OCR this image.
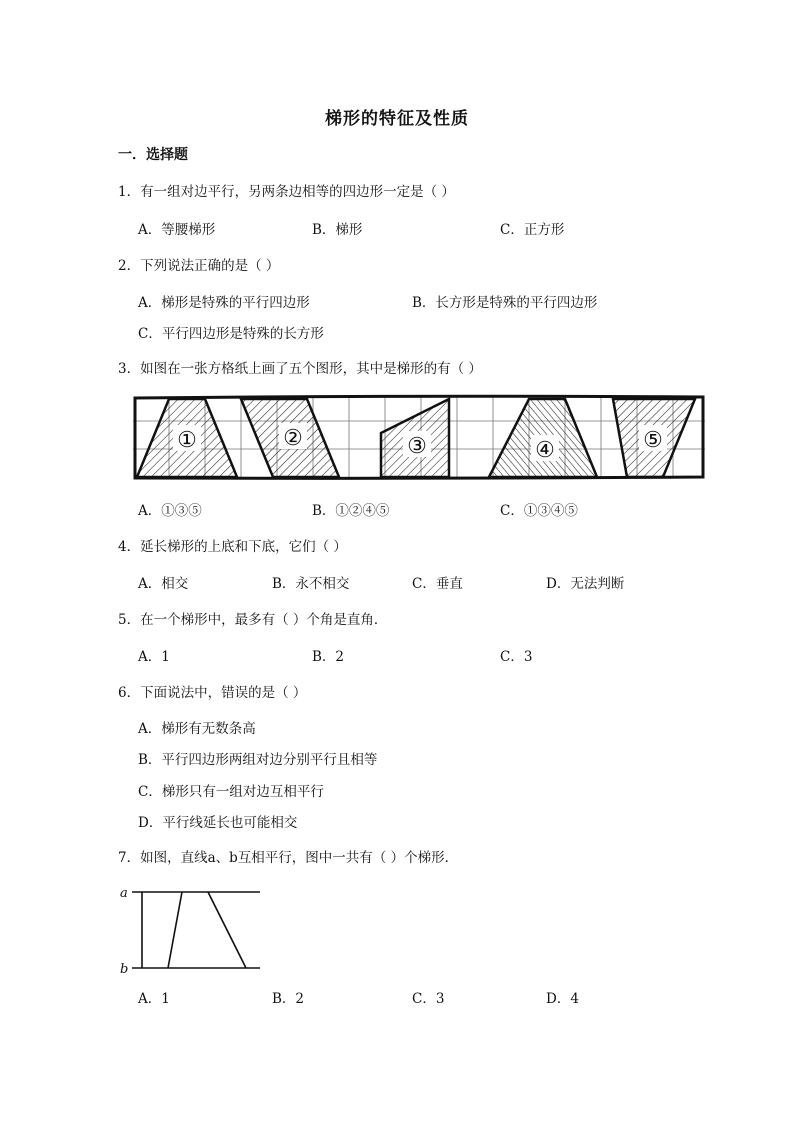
梯形的特征及性质
一．选择题
1．有一组对边平行，另两条边相等的四边形一定是（ ）
A．等腰梯形	B．梯形	C．正方形
2．下列说法正确的是（ ）
A．梯形是特殊的平行四边形	B．长方形是特殊的平行四边形
C．平行四边形是特殊的长方形
3．如图在一张方格纸上画了五个图形，其中是梯形的有（ ）
①	②	③	④	⑤
A．①③⑤	B．①②④⑤	C．①③④⑤
4．延长梯形的上底和下底，它们（ ）
A．相交	B．永不相交	C．垂直	D．无法判断
5．在一个梯形中，最多有（ ）个角是直角．
A．1	B．2	C．3
6．下面说法中，错误的是（ ）
A．梯形有无数条高
B．平行四边形两组对边分别平行且相等
C．梯形只有一组对边互相平行
D．平行线延长也可能相交
7．如图，直线a、b互相平行，图中一共有（ ）个梯形．
a
b
A．1	B．2	C．3	D．4
